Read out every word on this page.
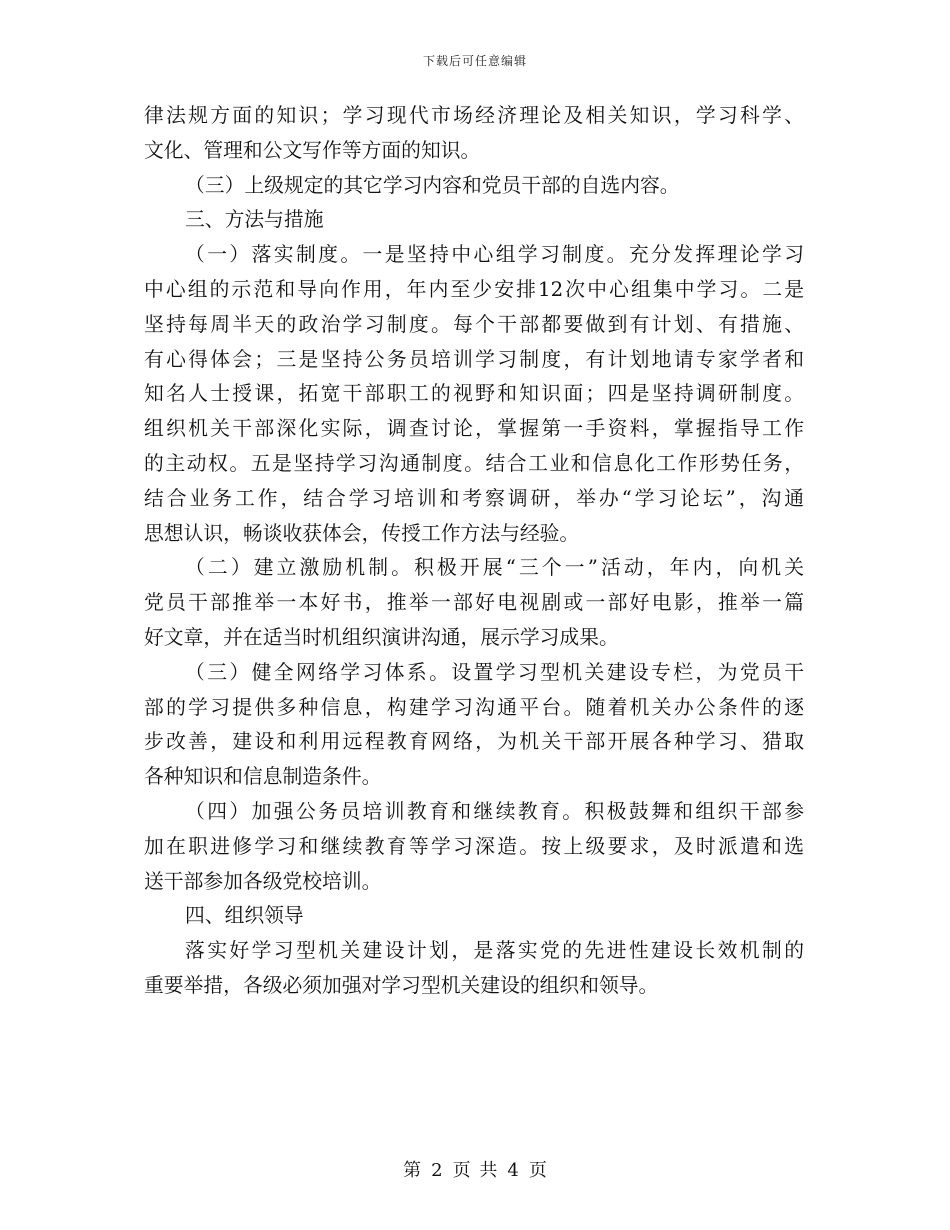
下载后可任意编辑
律法规方面的知识；学习现代市场经济理论及相关知识，学习科学、
文化、管理和公文写作等方面的知识。
（三）上级规定的其它学习内容和党员干部的自选内容。
三、方法与措施
（一）落实制度。一是坚持中心组学习制度。充分发挥理论学习
中心组的示范和导向作用，年内至少安排12次中心组集中学习。二是
坚持每周半天的政治学习制度。每个干部都要做到有计划、有措施、
有心得体会；三是坚持公务员培训学习制度，有计划地请专家学者和
知名人士授课，拓宽干部职工的视野和知识面；四是坚持调研制度。
组织机关干部深化实际，调查讨论，掌握第一手资料，掌握指导工作
的主动权。五是坚持学习沟通制度。结合工业和信息化工作形势任务，
结合业务工作，结合学习培训和考察调研，举办“学习论坛”，沟通
思想认识，畅谈收获体会，传授工作方法与经验。
（二）建立激励机制。积极开展“三个一”活动，年内，向机关
党员干部推举一本好书，推举一部好电视剧或一部好电影，推举一篇
好文章，并在适当时机组织演讲沟通，展示学习成果。
（三）健全网络学习体系。设置学习型机关建设专栏，为党员干
部的学习提供多种信息，构建学习沟通平台。随着机关办公条件的逐
步改善，建设和利用远程教育网络，为机关干部开展各种学习、猎取
各种知识和信息制造条件。
（四）加强公务员培训教育和继续教育。积极鼓舞和组织干部参
加在职进修学习和继续教育等学习深造。按上级要求，及时派遣和选
送干部参加各级党校培训。
四、组织领导
落实好学习型机关建设计划，是落实党的先进性建设长效机制的
重要举措，各级必须加强对学习型机关建设的组织和领导。
第 2 页 共 4 页
